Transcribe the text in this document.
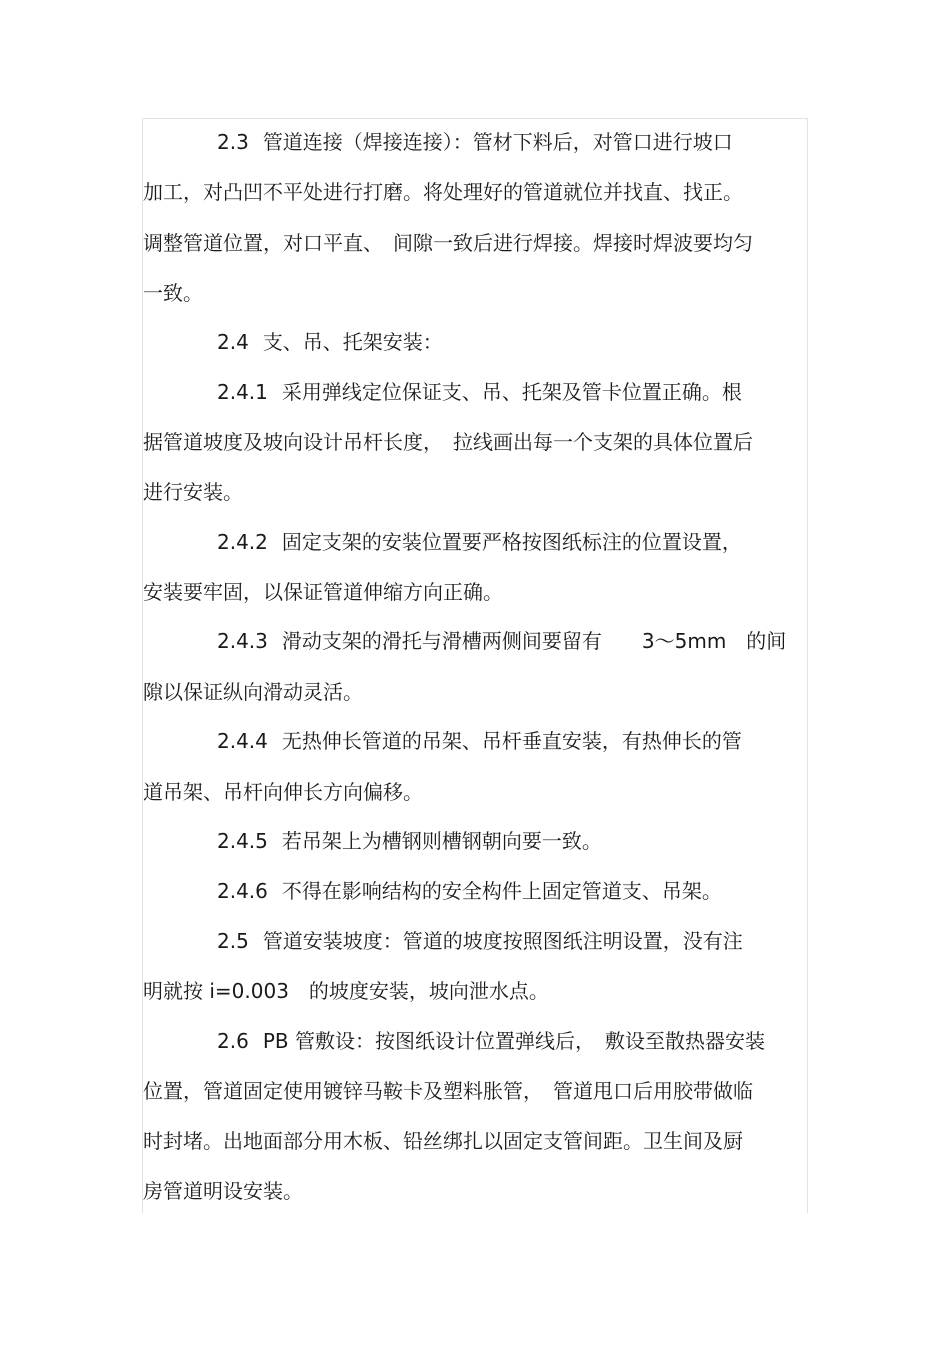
2.3 管道连接（焊接连接）：管材下料后，对管口进行坡口
加工，对凸凹不平处进行打磨。将处理好的管道就位并找直、找正。
调整管道位置，对口平直、　间隙一致后进行焊接。焊接时焊波要均匀
一致。
2.4 支、吊、托架安装：
2.4.1 采用弹线定位保证支、吊、托架及管卡位置正确。根
据管道坡度及坡向设计吊杆长度，　拉线画出每一个支架的具体位置后
进行安装。
2.4.2 固定支架的安装位置要严格按图纸标注的位置设置，
安装要牢固，以保证管道伸缩方向正确。
2.4.3 滑动支架的滑托与滑槽两侧间要留有　　3～5mm　的间
隙以保证纵向滑动灵活。
2.4.4 无热伸长管道的吊架、吊杆垂直安装，有热伸长的管
道吊架、吊杆向伸长方向偏移。
2.4.5 若吊架上为槽钢则槽钢朝向要一致。
2.4.6 不得在影响结构的安全构件上固定管道支、吊架。
2.5 管道安装坡度：管道的坡度按照图纸注明设置，没有注
明就按 i=0.003　的坡度安装，坡向泄水点。
2.6 PB 管敷设：按图纸设计位置弹线后，　敷设至散热器安装
位置，管道固定使用镀锌马鞍卡及塑料胀管，　管道甩口后用胶带做临
时封堵。出地面部分用木板、铅丝绑扎以固定支管间距。卫生间及厨
房管道明设安装。
